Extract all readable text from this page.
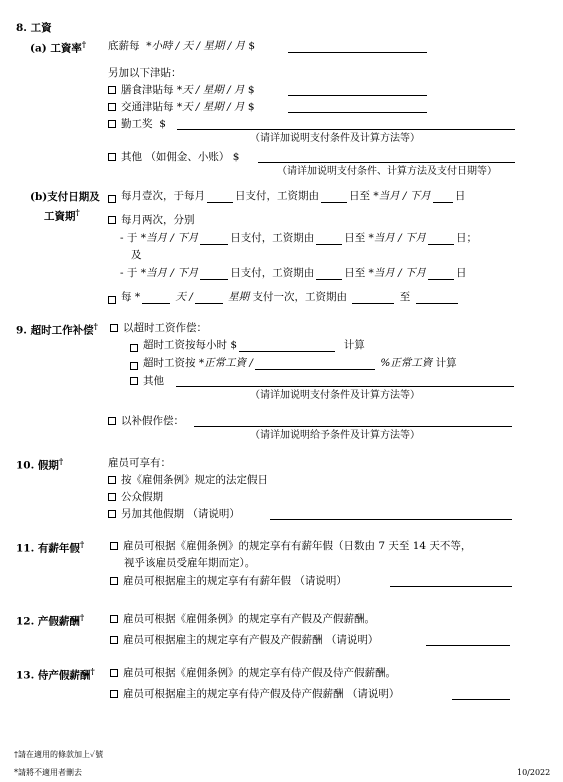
8. 工資
(a) 工資率† 底薪每 *小時 / 天 / 星期 / 月 $
另加以下津貼：
膳食津貼每 *天 / 星期 / 月 $
交通津貼每 *天 / 星期 / 月 $
勤工奖 $
（请详加说明支付条件及计算方法等）
其他 （如佣金、小账） $
（请详加说明支付条件、计算方法及支付日期等）
(b)支付日期及
工資期†
每月壹次，于每月	日支付，工资期由	日至
*当月 / 下月 日
每月两次，分别
- 于
*当月 / 下月	日支付，工资期由	日至
*当月 / 下月	日 ；
及
- 于
*当月 / 下月	日支付，工资期由	日至
*当月 / 下月	日
每 *
	天 /
	星期
支付一次，工资期由

	至

9. 超时工作补偿†	以超时工资作偿：
超时工资按每小时
$
	计算
超时工资按
*正常工資 /
	%正常工資
计算
其他
（请详加说明支付条件及计算方法等）
以补假作偿：
（请详加说明给予条件及计算方法等）
10. 假期†	雇员可享有：
按《雇佣条例》规定的法定假日
公众假期
另加其他假期 （请说明）
11. 有薪年假†	雇员可根据《雇佣条例》的规定享有有薪年假（日数由 7 天至 14 天不等，
视乎该雇员受雇年期而定）。
雇员可根据雇主的规定享有有薪年假 （请说明）
12. 产假薪酬†	雇员可根据《雇佣条例》的规定享有产假及产假薪酬。
雇员可根据雇主的规定享有产假及产假薪酬 （请说明）
13. 侍产假薪酬†	雇员可根据《雇佣条例》的规定享有侍产假及侍产假薪酬。
雇员可根据雇主的规定享有侍产假及侍产假薪酬 （请说明）
†請在適用的條款加上✓號
*請將不適用者刪去	10/2022
